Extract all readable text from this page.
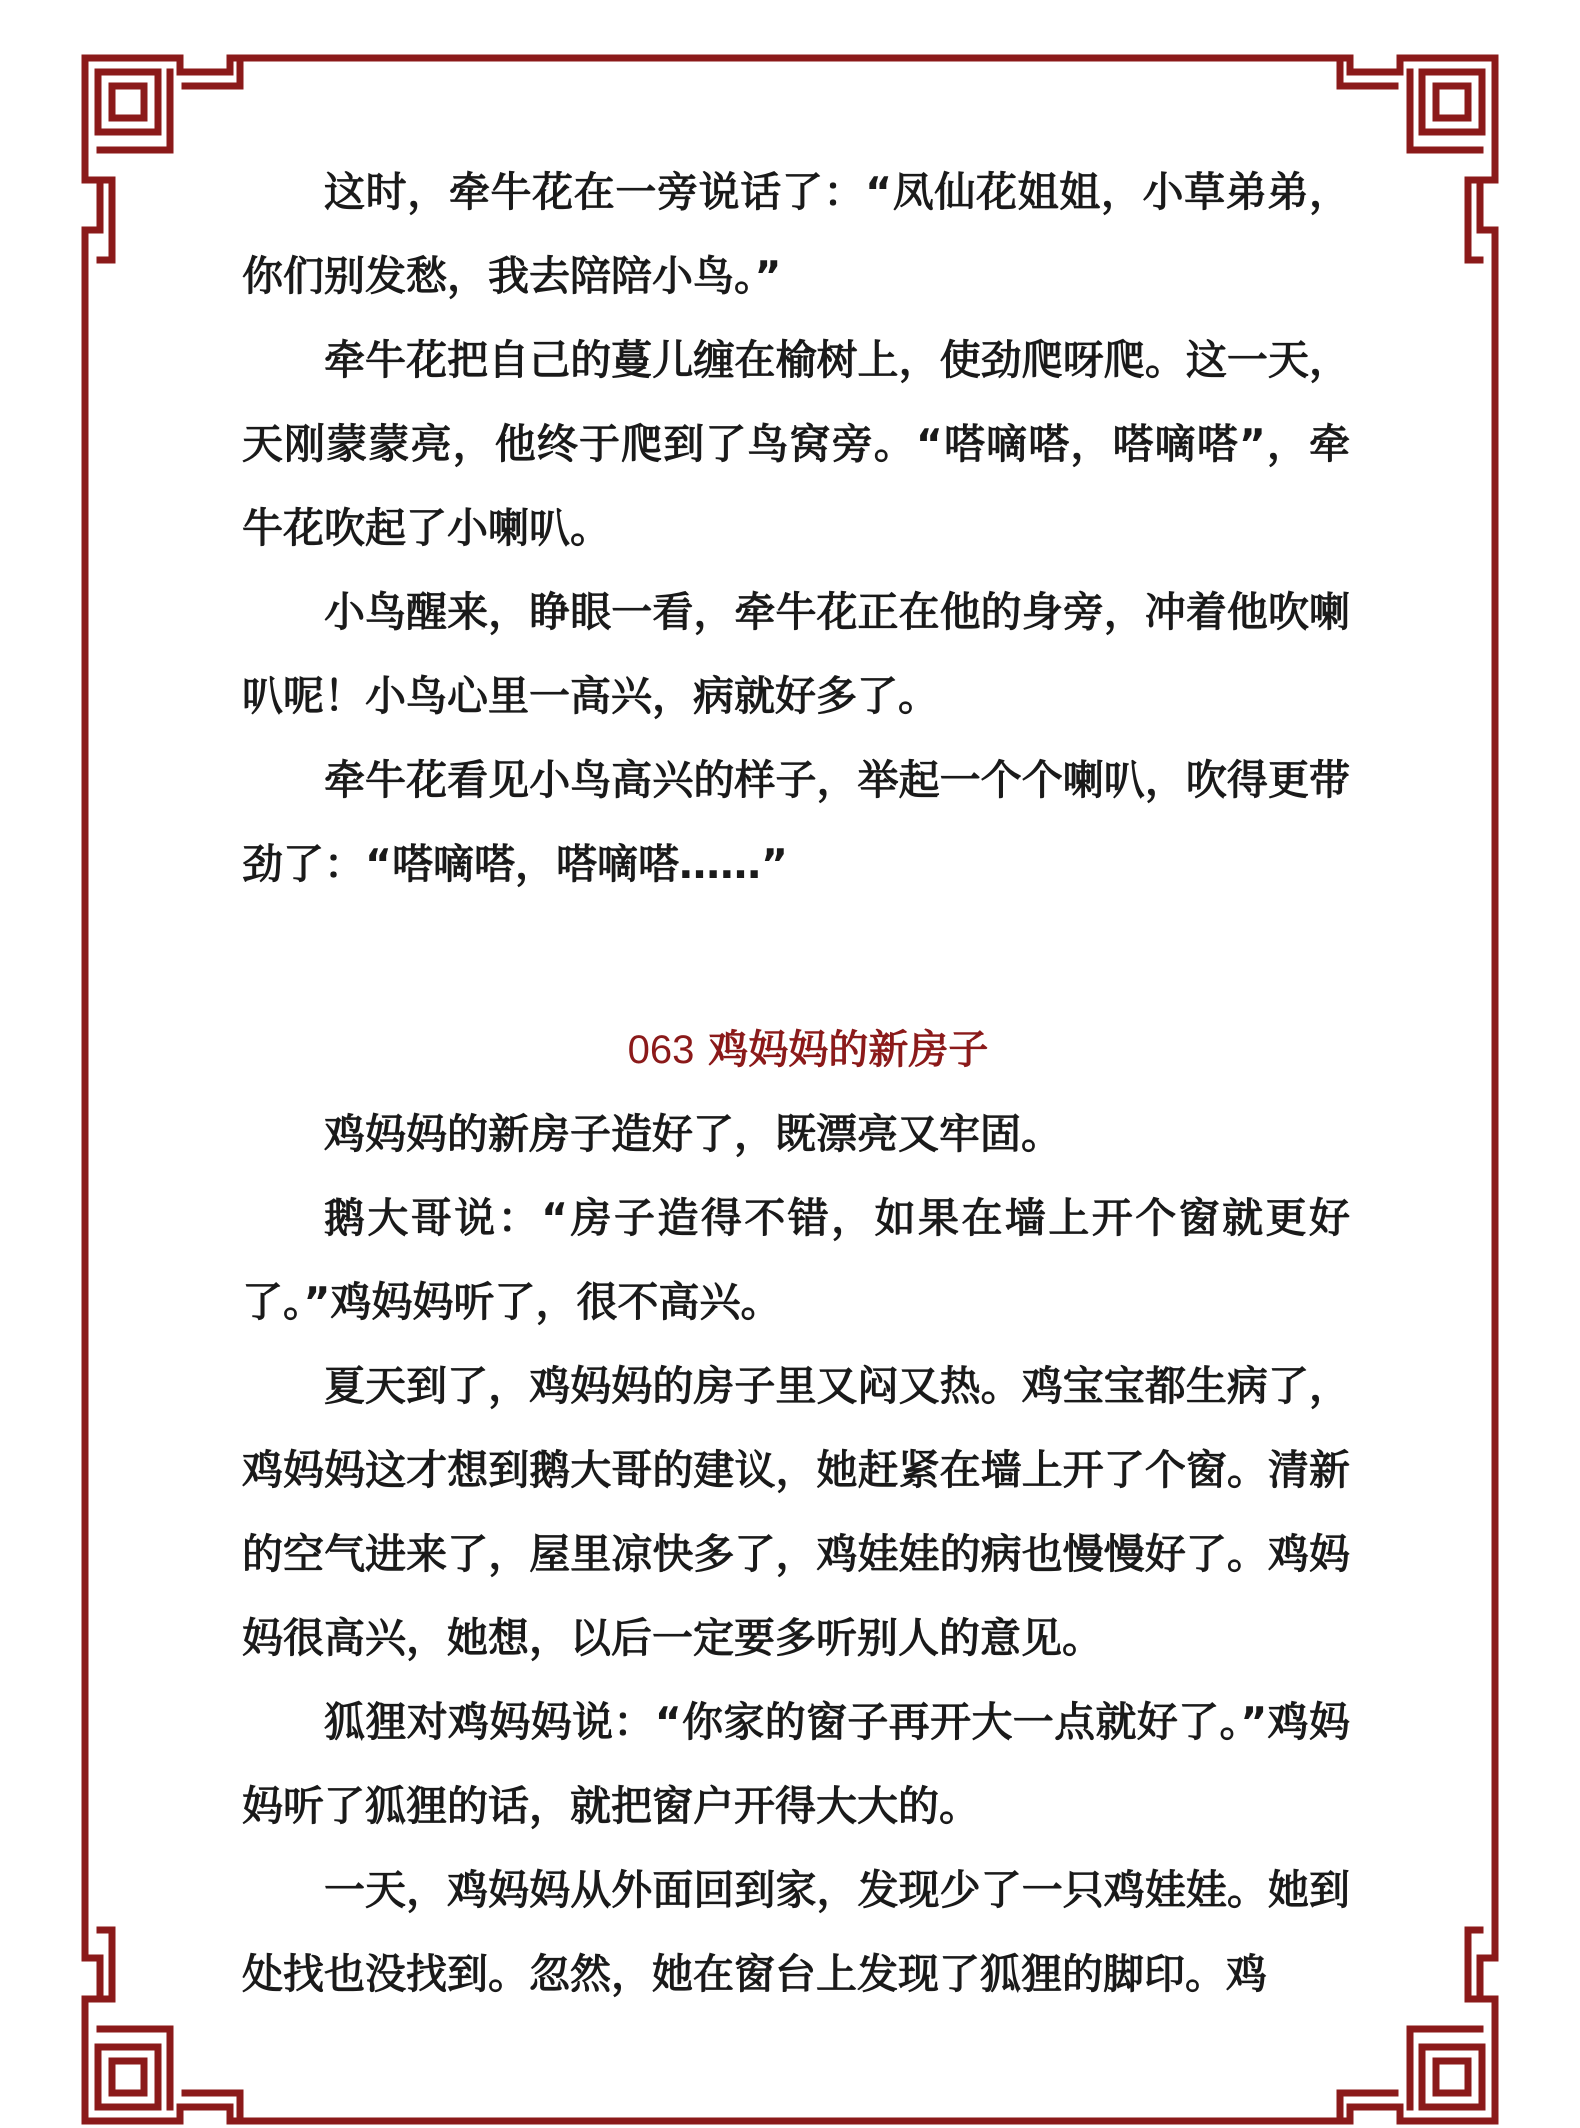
这时，牵牛花在一旁说话了：“凤仙花姐姐，小草弟弟，你们别发愁，我去陪陪小鸟。”

牵牛花把自己的蔓儿缠在榆树上，使劲爬呀爬。这一天，天刚蒙蒙亮，他终于爬到了鸟窝旁。“嗒嘀嗒，嗒嘀嗒”，牵牛花吹起了小喇叭。

小鸟醒来，睁眼一看，牵牛花正在他的身旁，冲着他吹喇叭呢！小鸟心里一高兴，病就好多了。

牵牛花看见小鸟高兴的样子，举起一个个喇叭，吹得更带劲了：“嗒嘀嗒，嗒嘀嗒……”

063 鸡妈妈的新房子

鸡妈妈的新房子造好了，既漂亮又牢固。

鹅大哥说：“房子造得不错，如果在墙上开个窗就更好了。”鸡妈妈听了，很不高兴。

夏天到了，鸡妈妈的房子里又闷又热。鸡宝宝都生病了，鸡妈妈这才想到鹅大哥的建议，她赶紧在墙上开了个窗。清新的空气进来了，屋里凉快多了，鸡娃娃的病也慢慢好了。鸡妈妈很高兴，她想，以后一定要多听别人的意见。

狐狸对鸡妈妈说：“你家的窗子再开大一点就好了。”鸡妈妈听了狐狸的话，就把窗户开得大大的。

一天，鸡妈妈从外面回到家，发现少了一只鸡娃娃。她到处找也没找到。忽然，她在窗台上发现了狐狸的脚印。鸡
